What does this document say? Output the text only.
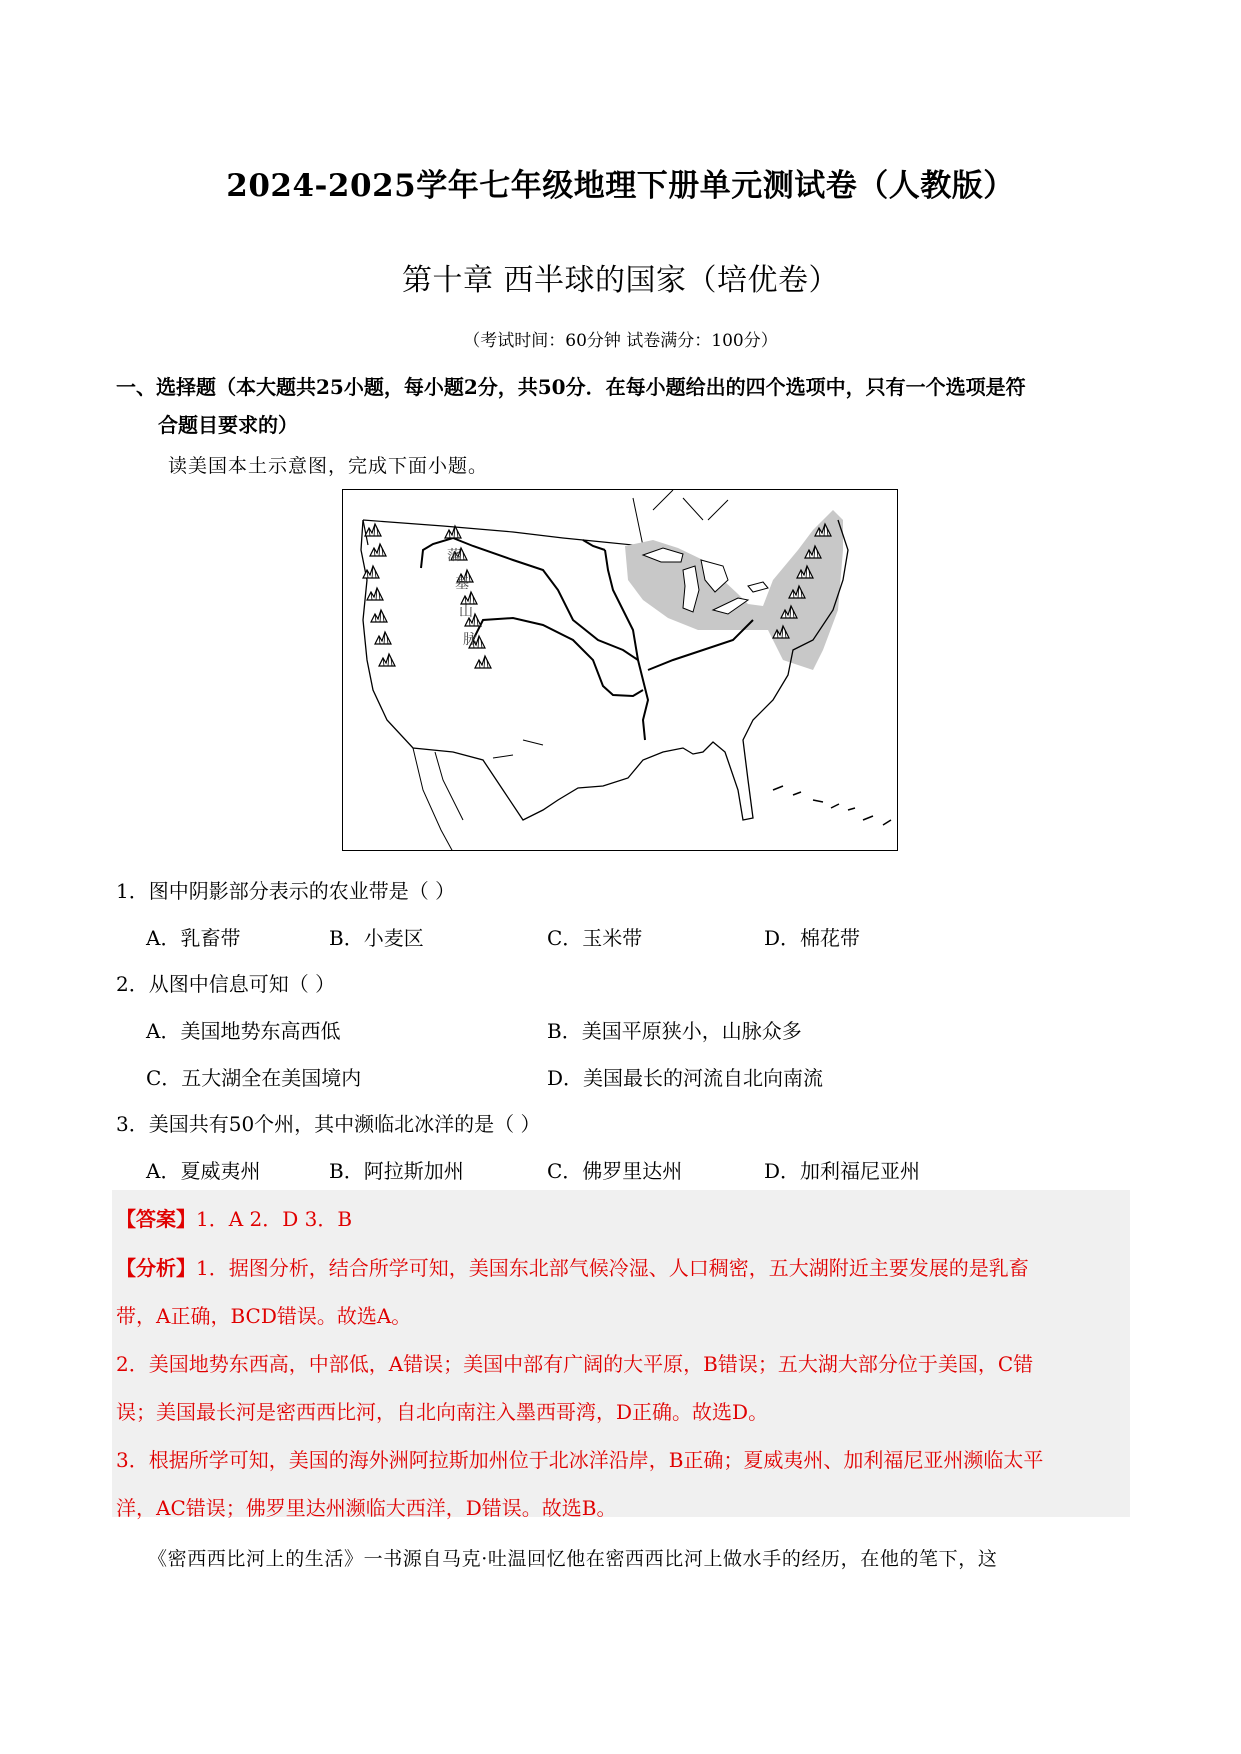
2024-2025学年七年级地理下册单元测试卷（人教版）
第十章 西半球的国家（培优卷）
（考试时间：60分钟 试卷满分：100分）
一、选择题（本大题共25小题，每小题2分，共50分．在每小题给出的四个选项中，只有一个选项是符
合题目要求的）
读美国本土示意图，完成下面小题。
落
基
山
脉
1．图中阴影部分表示的农业带是（ ）
A．乳畜带	B．小麦区	C．玉米带	D．棉花带
2．从图中信息可知（ ）
A．美国地势东高西低	B．美国平原狭小，山脉众多
C．五大湖全在美国境内	D．美国最长的河流自北向南流
3．美国共有50个州，其中濒临北冰洋的是（ ）
A．夏威夷州	B．阿拉斯加州	C．佛罗里达州	D．加利福尼亚州
【答案】1．A 2．D 3．B
【分析】1．据图分析，结合所学可知，美国东北部气候冷湿、人口稠密，五大湖附近主要发展的是乳畜
带，A正确，BCD错误。故选A。
2．美国地势东西高，中部低，A错误；美国中部有广阔的大平原，B错误；五大湖大部分位于美国，C错
误；美国最长河是密西西比河，自北向南注入墨西哥湾，D正确。故选D。
3．根据所学可知，美国的海外洲阿拉斯加州位于北冰洋沿岸，B正确；夏威夷州、加利福尼亚州濒临太平
洋，AC错误；佛罗里达州濒临大西洋，D错误。故选B。
《密西西比河上的生活》一书源自马克·吐温回忆他在密西西比河上做水手的经历，在他的笔下，这
